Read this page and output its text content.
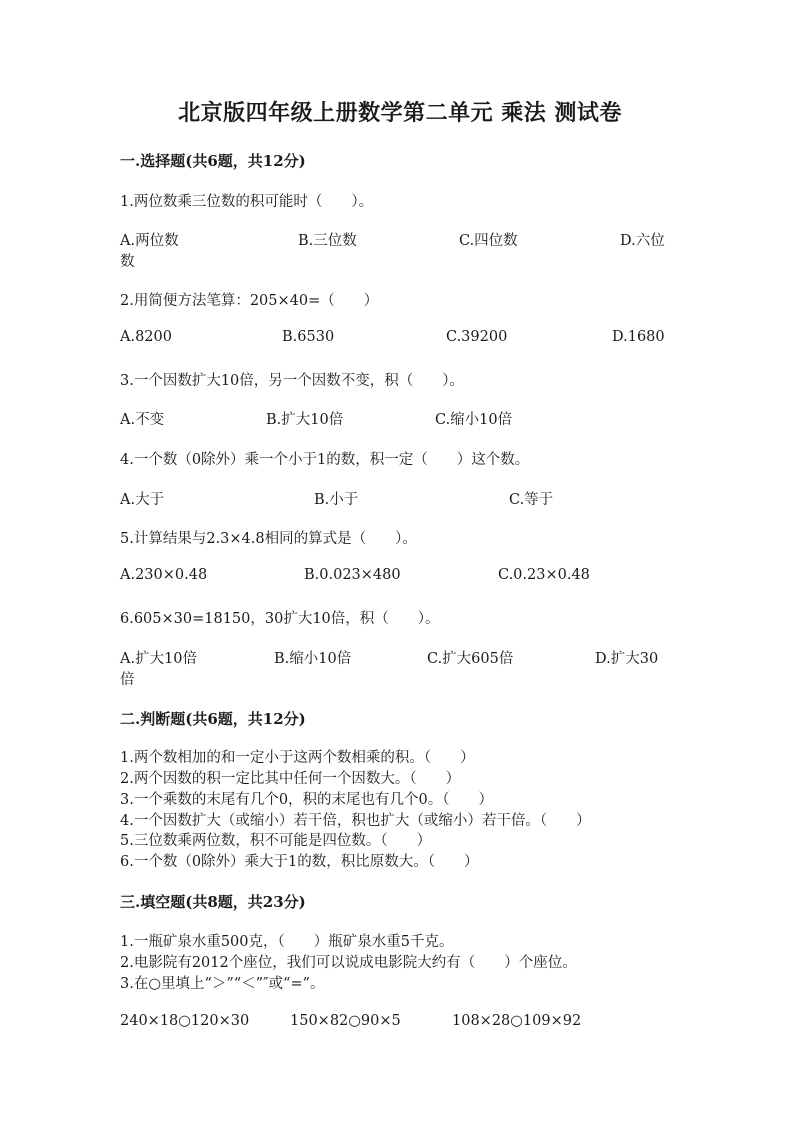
北京版四年级上册数学第二单元 乘法 测试卷
一.选择题(共6题，共12分)
1.两位数乘三位数的积可能时（　　）。
A.两位数	B.三位数	C.四位数	D.六位
数
2.用简便方法笔算：205×40=（　　）
A.8200	B.6530	C.39200	D.1680
3.一个因数扩大10倍，另一个因数不变，积（　　）。
A.不变	B.扩大10倍	C.缩小10倍
4.一个数（0除外）乘一个小于1的数，积一定（　　）这个数。
A.大于	B.小于	C.等于
5.计算结果与2.3×4.8相同的算式是（　　）。
A.230×0.48	B.0.023×480	C.0.23×0.48
6.605×30=18150，30扩大10倍，积（　　）。
A.扩大10倍	B.缩小10倍	C.扩大605倍	D.扩大30
倍
二.判断题(共6题，共12分)
1.两个数相加的和一定小于这两个数相乘的积。（　　）
2.两个因数的积一定比其中任何一个因数大。（　　）
3.一个乘数的末尾有几个0，积的末尾也有几个0。（　　）
4.一个因数扩大（或缩小）若干倍，积也扩大（或缩小）若干倍。（　　）
5.三位数乘两位数，积不可能是四位数。（　　）
6.一个数（0除外）乘大于1的数，积比原数大。（　　）
三.填空题(共8题，共23分)
1.一瓶矿泉水重500克，（　　）瓶矿泉水重5千克。
2.电影院有2012个座位，我们可以说成电影院大约有（　　）个座位。
3.在○里填上“＞”“＜”″或“=”。
240×18○120×30	150×82○90×5	108×28○109×92
